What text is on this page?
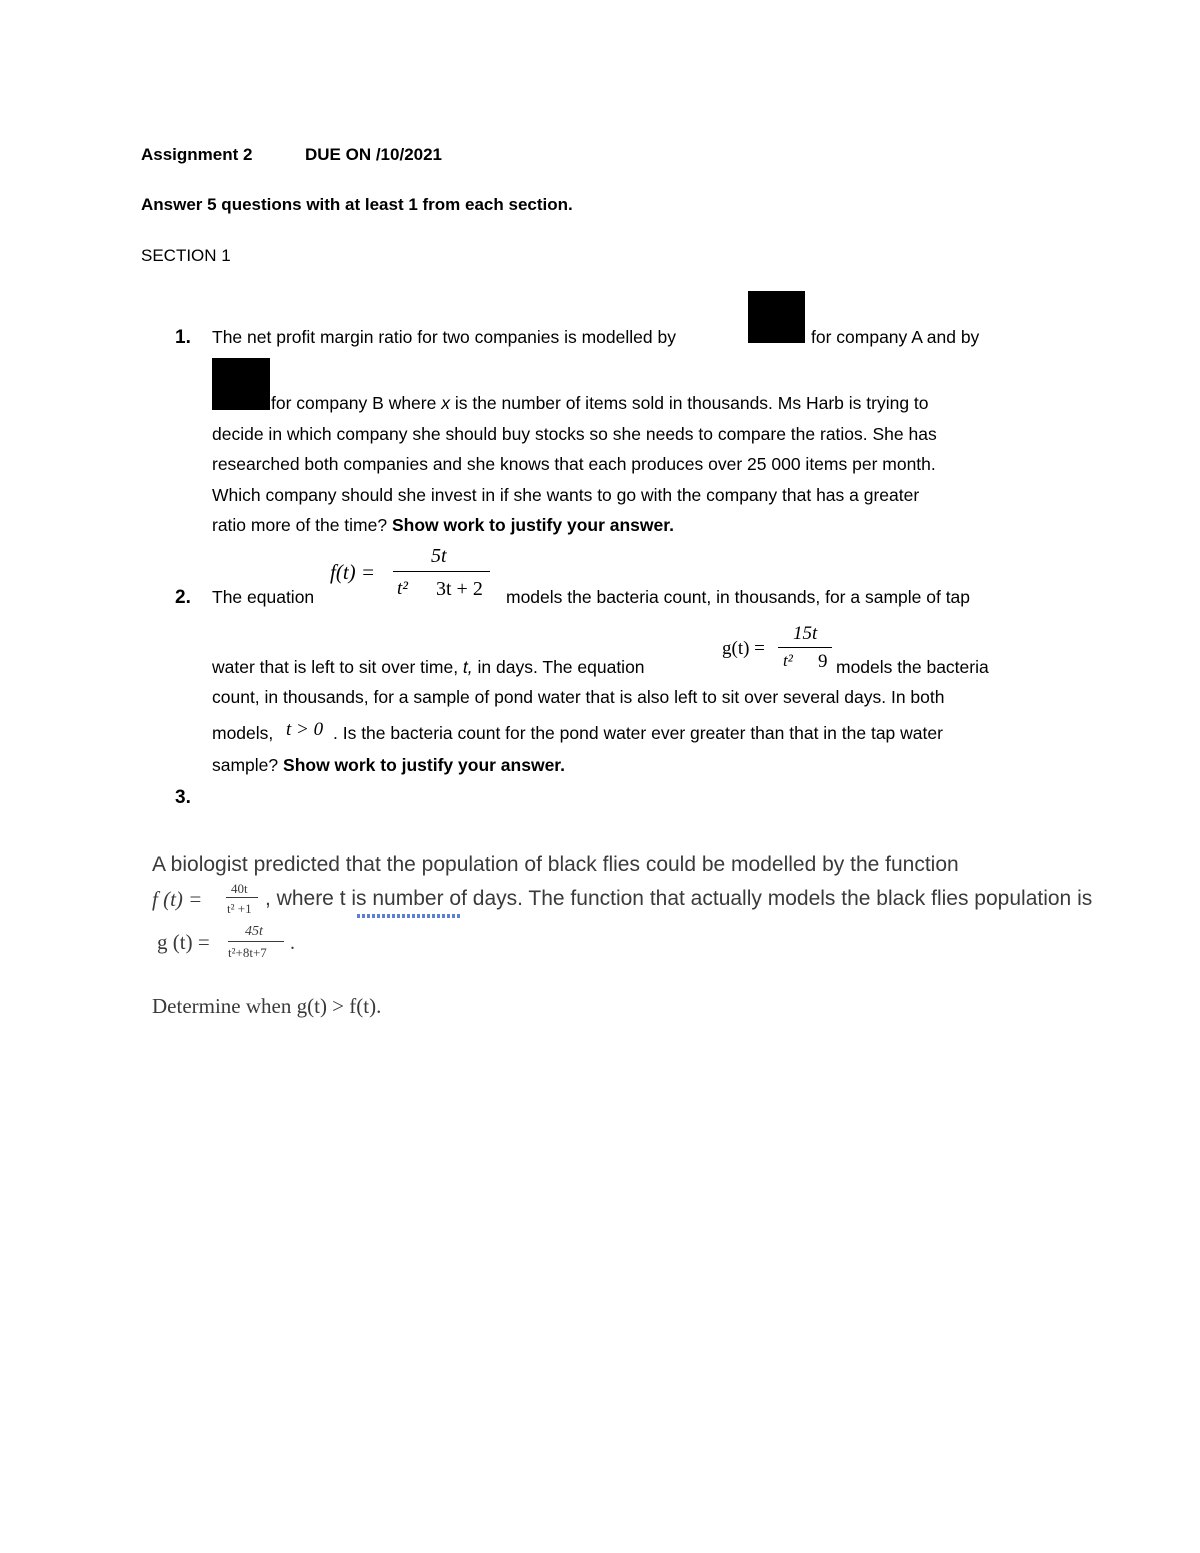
Assignment 2	DUE ON /10/2021
Answer 5 questions with at least 1 from each section.
SECTION 1
1. The net profit margin ratio for two companies is modelled by	for company A and by
for company B where x is the number of items sold in thousands. Ms Harb is trying to
decide in which company she should buy stocks so she needs to compare the ratios. She has
researched both companies and she knows that each produces over 25 000 items per month.
Which company should she invest in if she wants to go with the company that has a greater
ratio more of the time? Show work to justify your answer.
2. The equation
f(t) =
5t
t² 3t + 2 models the bacteria count, in thousands, for a sample of tap
g(t) =
15t
t² 9
water that is left to sit over time, t, in days. The equation	models the bacteria
count, in thousands, for a sample of pond water that is also left to sit over several days. In both
models, t > 0 . Is the bacteria count for the pond water ever greater than that in the tap water
sample? Show work to justify your answer.
3.
A biologist predicted that the population of black flies could be modelled by the function
f (t) = 40t
t² +1 , where t is number of days. The function that actually models the black flies population is
g (t) =	45t
t²+8t+7 .
Determine when g(t) > f(t).
